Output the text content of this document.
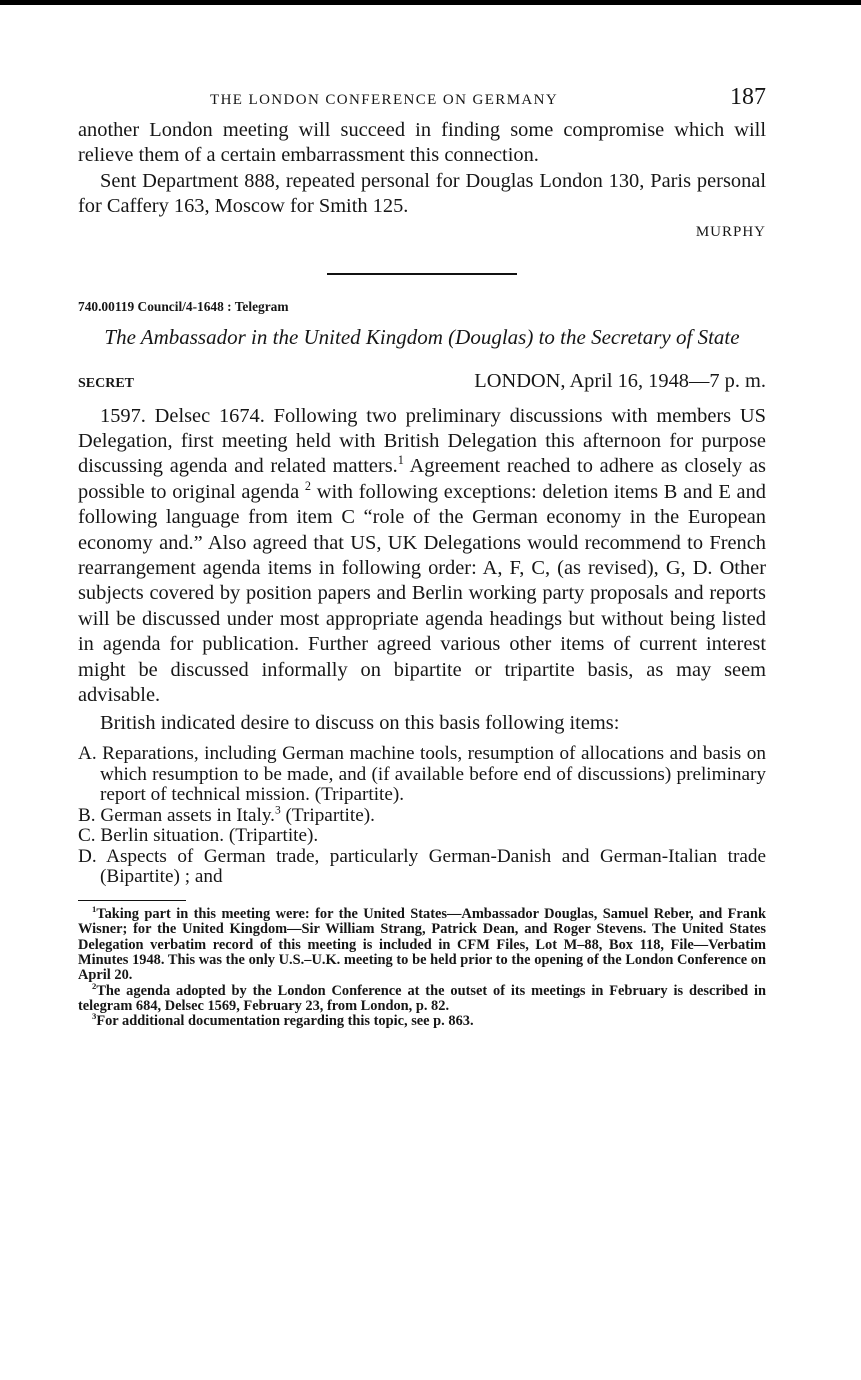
THE LONDON CONFERENCE ON GERMANY	187

another London meeting will succeed in finding some compromise which will relieve them of a certain embarrassment this connection.

Sent Department 888, repeated personal for Douglas London 130, Paris personal for Caffery 163, Moscow for Smith 125.

MURPHY

740.00119 Council/4-1648 : Telegram

The Ambassador in the United Kingdom (Douglas) to the Secretary of State

SECRET	LONDON, April 16, 1948—7 p. m.

1597. Delsec 1674. Following two preliminary discussions with members US Delegation, first meeting held with British Delegation this afternoon for purpose discussing agenda and related matters.$^1$ Agreement reached to adhere as closely as possible to original agenda $^2$ with following exceptions: deletion items B and E and following language from item C “role of the German economy in the European economy and.” Also agreed that US, UK Delegations would recommend to French rearrangement agenda items in following order: A, F, C, (as revised), G, D. Other subjects covered by position papers and Berlin working party proposals and reports will be discussed under most appropriate agenda headings but without being listed in agenda for publication. Further agreed various other items of current interest might be discussed informally on bipartite or tripartite basis, as may seem advisable.

British indicated desire to discuss on this basis following items:

A. Reparations, including German machine tools, resumption of allocations and basis on which resumption to be made, and (if available before end of discussions) preliminary report of technical mission. (Tripartite).

B. German assets in Italy.$^3$ (Tripartite).

C. Berlin situation. (Tripartite).

D. Aspects of German trade, particularly German-Danish and German-Italian trade (Bipartite) ; and

$^1$Taking part in this meeting were: for the United States—Ambassador Douglas, Samuel Reber, and Frank Wisner; for the United Kingdom—Sir William Strang, Patrick Dean, and Roger Stevens. The United States Delegation verbatim record of this meeting is included in CFM Files, Lot M–88, Box 118, File—Verbatim Minutes 1948. This was the only U.S.–U.K. meeting to be held prior to the opening of the London Conference on April 20.

$^2$The agenda adopted by the London Conference at the outset of its meetings in February is described in telegram 684, Delsec 1569, February 23, from London, p. 82.

$^3$For additional documentation regarding this topic, see p. 863.
